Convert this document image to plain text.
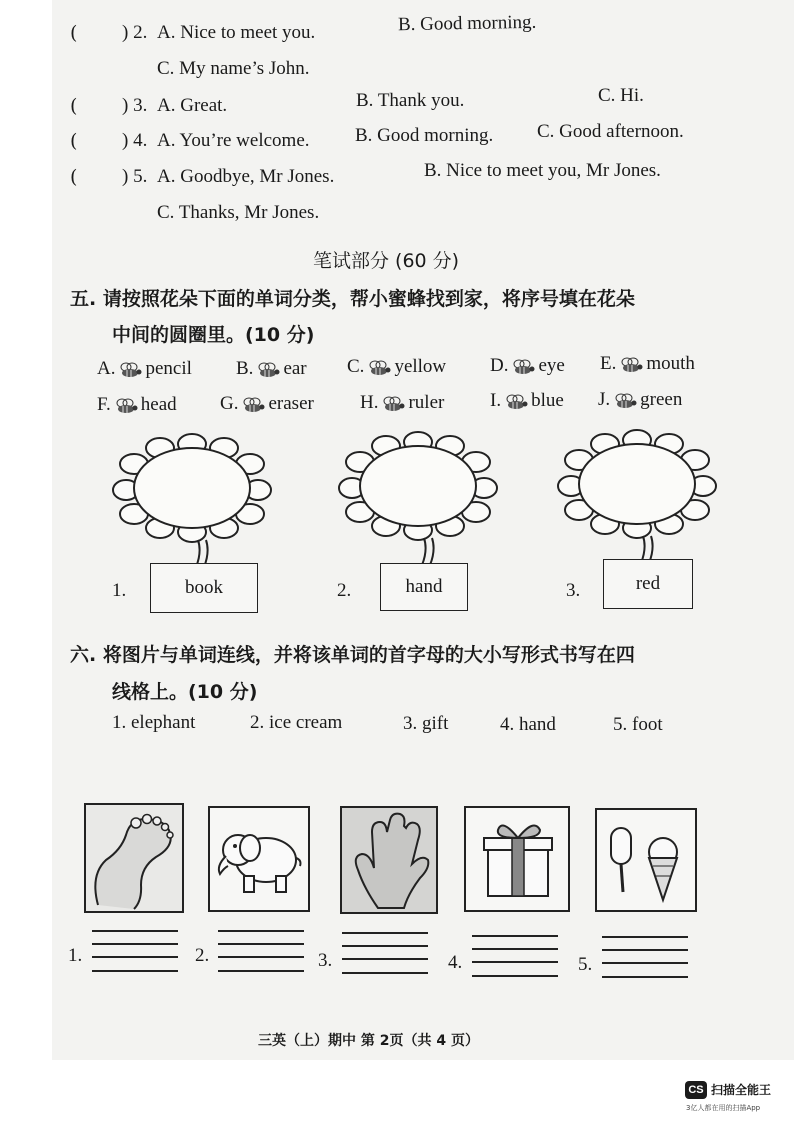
( ) 2. A. Nice to meet you.	B. Good morning.
C. My name’s John.
( ) 3. A. Great.	B. Thank you.	C. Hi.
( ) 4. A. You’re welcome. B. Good morning. C. Good afternoon.
( ) 5. A. Goodbye, Mr Jones.	B. Nice to meet you, Mr Jones.
C. Thanks, Mr Jones.
笔试部分 (60 分)
五. 请按照花朵下面的单词分类，帮小蜜蜂找到家，将序号填在花朵
中间的圆圈里。(10 分)
A. pencil B. ear C. yellow D. eye E. mouth
F. head G. eraser H. ruler I. blue J. green
1.	book	2.	hand	3.	red
六. 将图片与单词连线，并将该单词的首字母的大小写形式书写在四
线格上。(10 分)
1. elephant	2. ice cream	3. gift	4. hand	5. foot
1.	2.	3.	4.	5.
三英（上）期中 第 2页（共 4 页）
CS 扫描全能王
3亿人都在用的扫描App
